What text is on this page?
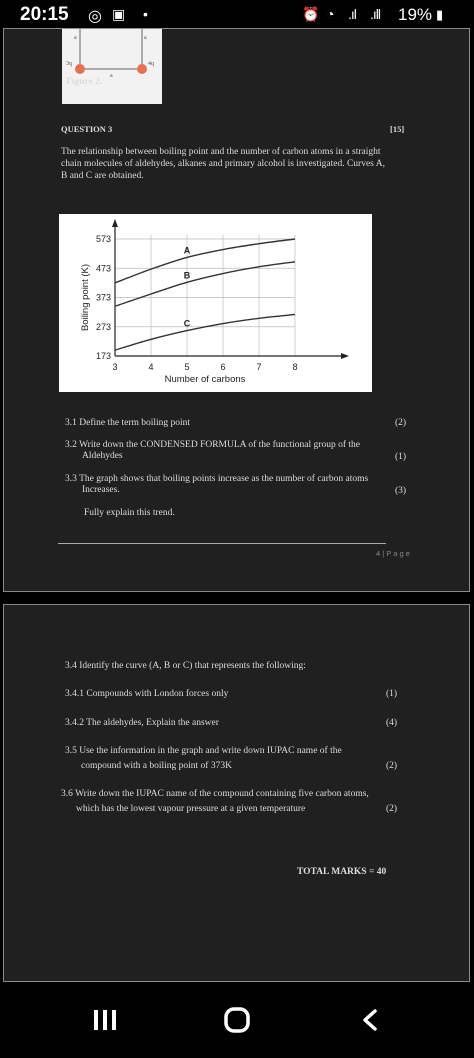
20:15 ◎ ▣ •	⏰ ◔ .ıl .ıll 19% ▮
a	a
a
3q	4q
Figure 2.
QUESTION 3	[15]
The relationship between boiling point and the number of carbon atoms in a straight
chain molecules of aldehydes, alkanes and primary alcohol is investigated. Curves A,
B and C are obtained.
3.1 Define the term boiling point	(2)
3.2 Write down the CONDENSED FORMULA of the functional group of the
Aldehydes	(1)
3.3 The graph shows that boiling points increase as the number of carbon atoms
Increases.	(3)
Fully explain this trend.
4 | P a g e
3	4	5	6	7	8
173
273
373
473
573
Number of carbons
Boiling point (K)
A
B
C
3.4 Identify the curve (A, B or C) that represents the following:
3.4.1 Compounds with London forces only	(1)
3.4.2 The aldehydes, Explain the answer	(4)
3.5 Use the information in the graph and write down IUPAC name of the
compound with a boiling point of 373K	(2)
3.6 Write down the IUPAC name of the compound containing five carbon atoms,
which has the lowest vapour pressure at a given temperature	(2)
TOTAL MARKS = 40
